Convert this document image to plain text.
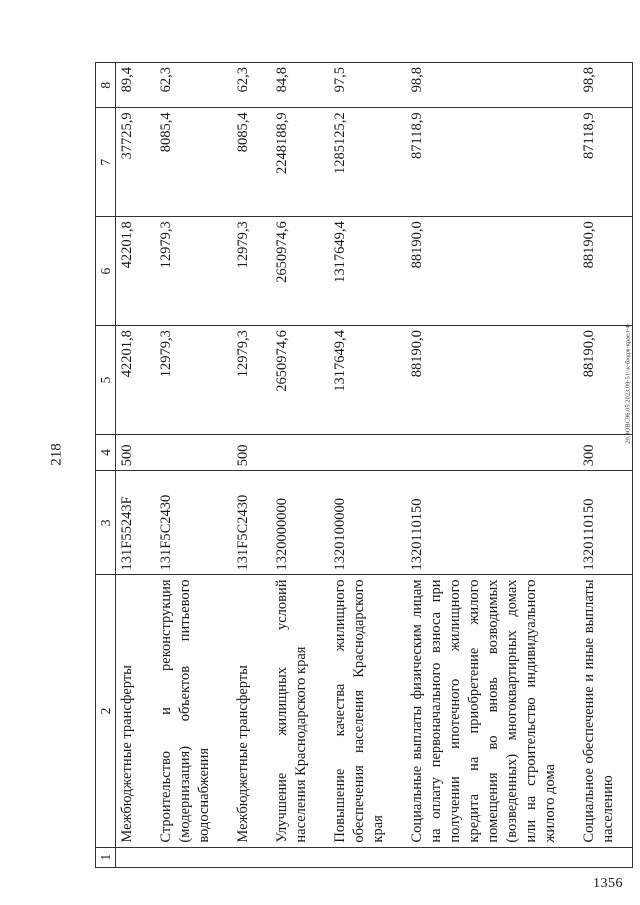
218
20.ЗОВС96.05.2023.09-51\\к-бюдж-краел-4-
1356
1	2	3	4	5	6	7	8
	Межбюджетные трансферты	131F55243F	500	42201,8	42201,8	37725,9	89,4
	Строительство и реконструкция (модернизация) объектов питьевого водоснабжения	131F5C2430		12979,3	12979,3	8085,4	62,3
	Межбюджетные трансферты	131F5C2430	500	12979,3	12979,3	8085,4	62,3
	Улучшение жилищных условий населения Краснодарского края	1320000000		2650974,6	2650974,6	2248188,9	84,8
	Повышение качества жилищного обеспечения населения Краснодарского края	1320100000		1317649,4	1317649,4	1285125,2	97,5
	Социальные выплаты физическим лицам на оплату первоначального взноса при получении ипотечного жилищного кредита на приобретение жилого помещения во вновь возводимых (возведенных) многоквартирных домах или на строительство индивидуального жилого дома	1320110150		88190,0	88190,0	87118,9	98,8
	Социальное обеспечение и иные выплаты населению	1320110150	300	88190,0	88190,0	87118,9	98,8
